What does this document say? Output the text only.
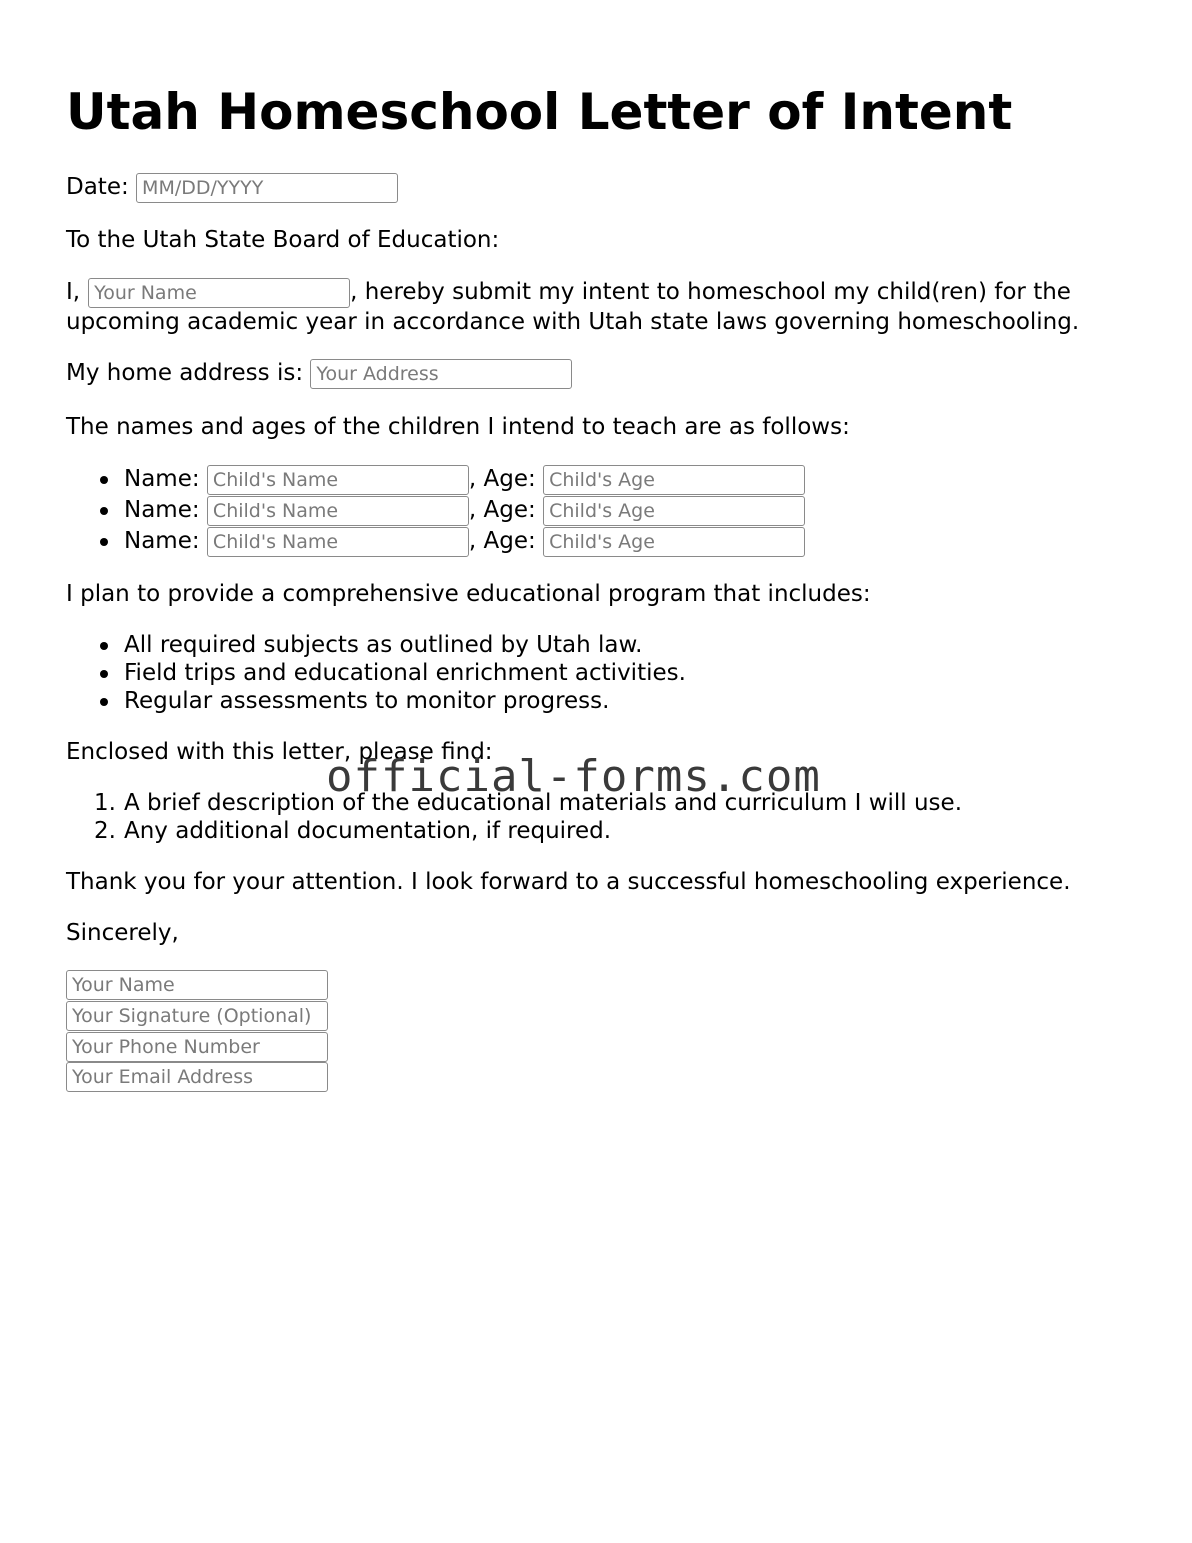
Utah Homeschool Letter of Intent
Date: MM/DD/YYYY
To the Utah State Board of Education:
I,Your Name	, hereby submit my intent to homeschool my child(ren) for the
upcoming academic year in accordance with Utah state laws governing homeschooling.
My home address is: Your Address
The names and ages of the children I intend to teach are as follows:
Name: Child's Name	, Age: Child's Age
Name: Child's Name	, Age: Child's Age
Name: Child's Name	, Age: Child's Age
I plan to provide a comprehensive educational program that includes:
All required subjects as outlined by Utah law.
Field trips and educational enrichment activities.
Regular assessments to monitor progress.
Enclosed with this letter, please find:
1. A brief description of the educational materials and curriculum I will use.
2. Any additional documentation, if required.
Thank you for your attention. I look forward to a successful homeschooling experience.
Sincerely,
Your Name
Your Signature (Optional)
Your Phone Number
Your Email Address
official-forms.com
